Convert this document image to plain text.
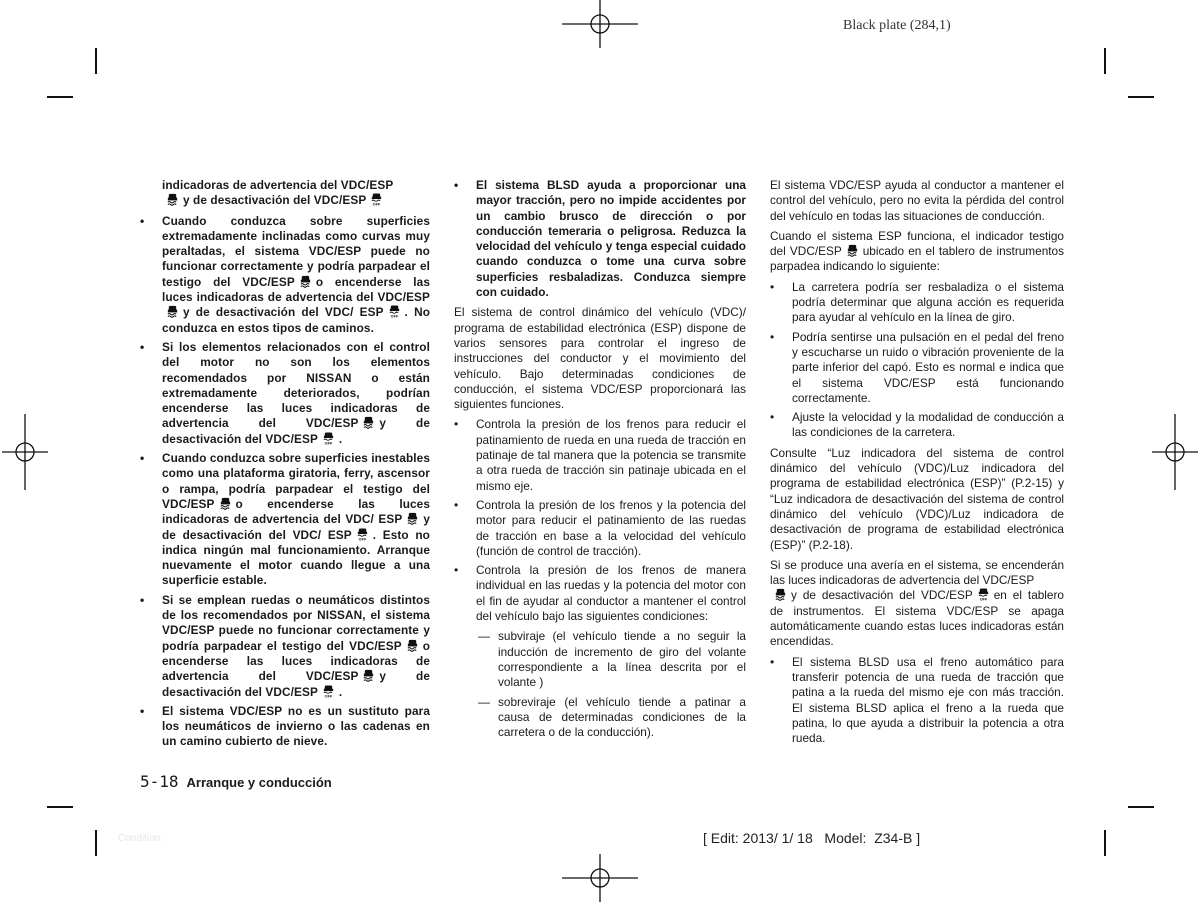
Black plate (284,1)

indicadoras de advertencia del VDC/ESP

y de desactivación del VDC/ESP

• Cuando conduzca sobre superficies extremadamente inclinadas como curvas muy peraltadas, el sistema VDC/ESP puede no funcionar correctamente y podría parpadear el testigo del VDC/ESP o encenderse las luces indicadoras de advertencia del VDC/ESP
y de desactivación del VDC/ ESP . No conduzca en estos tipos de caminos.
• Si los elementos relacionados con el control del motor no son los elementos recomendados por NISSAN o están extremadamente deteriorados, podrían encenderse las luces indicadoras de advertencia del VDC/ESP y de desactivación del VDC/ESP .
• Cuando conduzca sobre superficies inestables como una plataforma giratoria, ferry, ascensor o rampa, podría parpadear el testigo del VDC/ESP o encenderse las luces indicadoras de advertencia del VDC/ ESP y de desactivación del VDC/ ESP . Esto no indica ningún mal funcionamiento. Arranque nuevamente el motor cuando llegue a una superficie estable.
• Si se emplean ruedas o neumáticos distintos de los recomendados por NISSAN, el sistema VDC/ESP puede no funcionar correctamente y podría parpadear el testigo del VDC/ESP o encenderse las luces indicadoras de advertencia del VDC/ESP y de desactivación del VDC/ESP .
• El sistema VDC/ESP no es un sustituto para los neumáticos de invierno o las cadenas en un camino cubierto de nieve.
• El sistema BLSD ayuda a proporcionar una mayor tracción, pero no impide accidentes por un cambio brusco de dirección o por conducción temeraria o peligrosa. Reduzca la velocidad del vehículo y tenga especial cuidado cuando conduzca o tome una curva sobre superficies resbaladizas. Conduzca siempre con cuidado.

El sistema de control dinámico del vehículo (VDC)/ programa de estabilidad electrónica (ESP) dispone de varios sensores para controlar el ingreso de instrucciones del conductor y el movimiento del vehículo. Bajo determinadas condiciones de conducción, el sistema VDC/ESP proporcionará las siguientes funciones.

• Controla la presión de los frenos para reducir el patinamiento de rueda en una rueda de tracción en patinaje de tal manera que la potencia se transmite a otra rueda de tracción sin patinaje ubicada en el mismo eje.
• Controla la presión de los frenos y la potencia del motor para reducir el patinamiento de las ruedas de tracción en base a la velocidad del vehículo (función de control de tracción).
• Controla la presión de los frenos de manera individual en las ruedas y la potencia del motor con el fin de ayudar al conductor a mantener el control del vehículo bajo las siguientes condiciones:
— subviraje (el vehículo tiende a no seguir la inducción de incremento de giro del volante correspondiente a la línea descrita por el volante )
— sobreviraje (el vehículo tiende a patinar a causa de determinadas condiciones de la carretera o de la conducción).

El sistema VDC/ESP ayuda al conductor a mantener el control del vehículo, pero no evita la pérdida del control del vehículo en todas las situaciones de conducción.

Cuando el sistema ESP funciona, el indicador testigo del VDC/ESP ubicado en el tablero de instrumentos parpadea indicando lo siguiente:

• La carretera podría ser resbaladiza o el sistema podría determinar que alguna acción es requerida para ayudar al vehículo en la línea de giro.
• Podría sentirse una pulsación en el pedal del freno y escucharse un ruido o vibración proveniente de la parte inferior del capó. Esto es normal e indica que el sistema VDC/ESP está funcionando correctamente.
• Ajuste la velocidad y la modalidad de conducción a las condiciones de la carretera.

Consulte “Luz indicadora del sistema de control dinámico del vehículo (VDC)/Luz indicadora del programa de estabilidad electrónica (ESP)” (P.2-15) y “Luz indicadora de desactivación del sistema de control dinámico del vehículo (VDC)/Luz indicadora de desactivación de programa de estabilidad electrónica (ESP)” (P.2-18).

Si se produce una avería en el sistema, se encenderán las luces indicadoras de advertencia del VDC/ESP

y de desactivación del VDC/ESP en el tablero de instrumentos. El sistema VDC/ESP se apaga automáticamente cuando estas luces indicadoras están encendidas.

• El sistema BLSD usa el freno automático para transferir potencia de una rueda de tracción que patina a la rueda del mismo eje con más tracción. El sistema BLSD aplica el freno a la rueda que patina, lo que ayuda a distribuir la potencia a otra rueda.
5-18 Arranque y conducción
Condition:	[ Edit: 2013/ 1/ 18   Model:  Z34-B ]
